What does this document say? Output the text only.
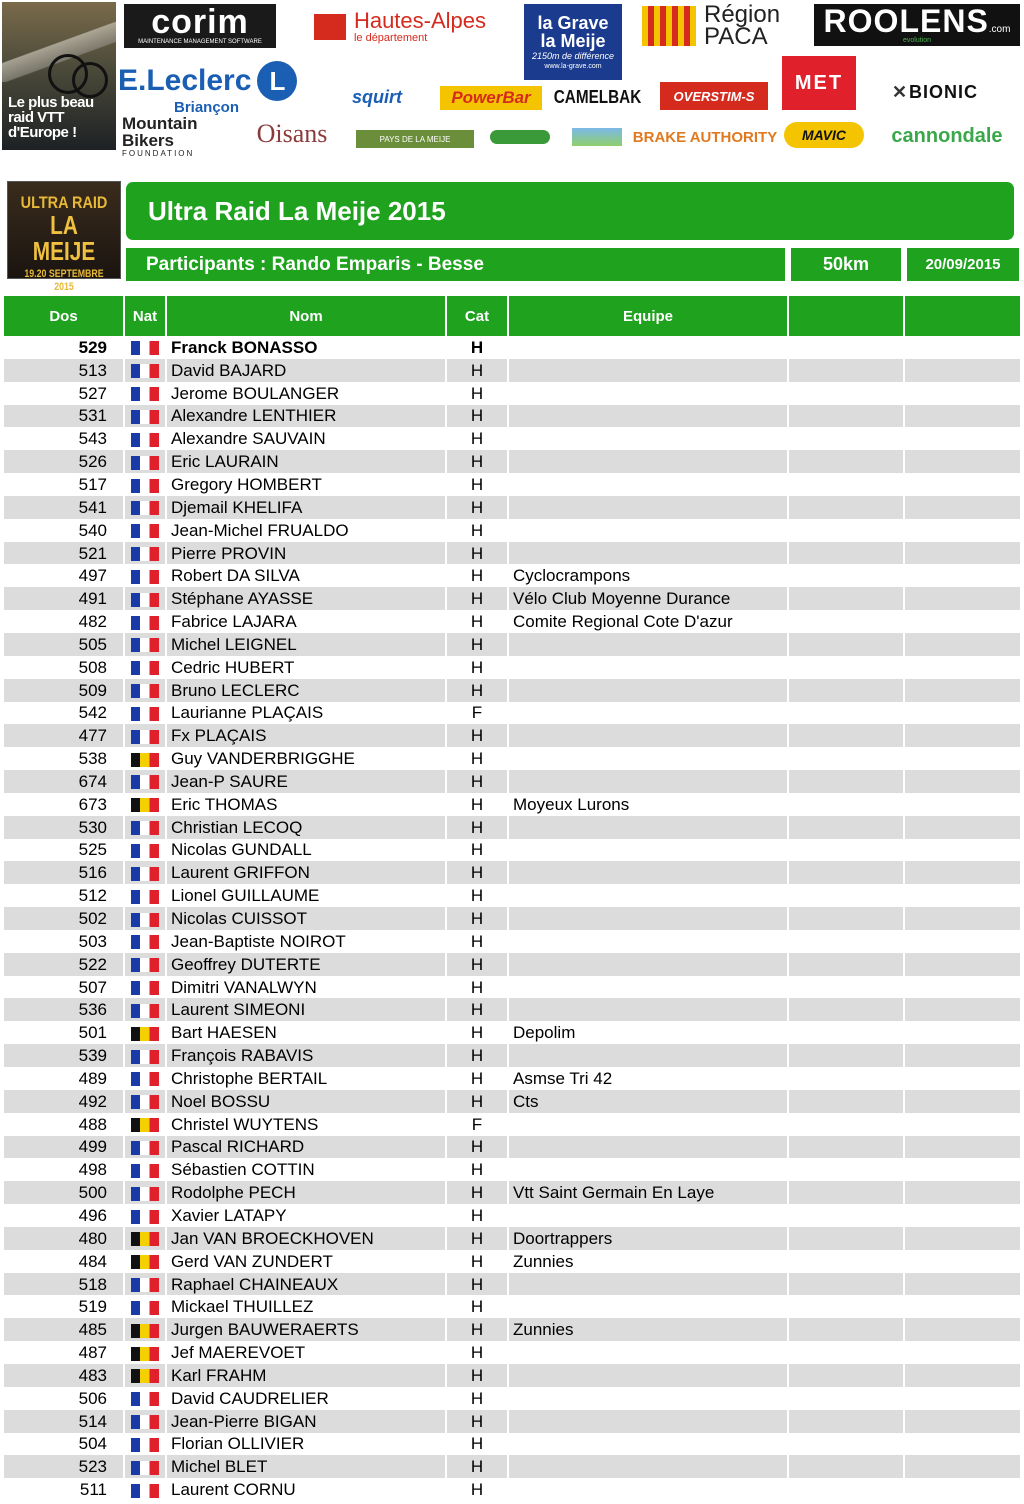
Le plus beau
raid VTT
d'Europe !
corim
MAINTENANCE MANAGEMENT SOFTWARE
Hautes-Alpes
le département
la Grave la Meije
2150m de différence
www.la-grave.com
Région PACA	ROOLENS.com
evolution
E.Leclerc L
Briançon
squirt	PowerBar CAMELBAK	OVERSTIM-S
MET	✕ BIONIC
Mountain Bikers
FOUNDATION
Oisans	PAYS DE LA MEIJE	BRAKE AUTHORITY MAVIC cannondale
ULTRA RAID
LA MEIJE
19.20 SEPTEMBRE 2015
Ultra Raid La Meije 2015
Participants : Rando Emparis - Besse	50km	20/09/2015
Dos	Nat	Nom	Cat	Equipe		
529		Franck BONASSO	H			
513		David BAJARD	H			
527		Jerome BOULANGER	H			
531		Alexandre LENTHIER	H			
543		Alexandre SAUVAIN	H			
526		Eric LAURAIN	H			
517		Gregory HOMBERT	H			
541		Djemail KHELIFA	H			
540		Jean-Michel FRUALDO	H			
521		Pierre PROVIN	H			
497		Robert DA SILVA	H	Cyclocrampons		
491		Stéphane AYASSE	H	Vélo Club Moyenne Durance		
482		Fabrice LAJARA	H	Comite Regional Cote D'azur		
505		Michel LEIGNEL	H			
508		Cedric HUBERT	H			
509		Bruno LECLERC	H			
542		Laurianne PLAÇAIS	F			
477		Fx PLAÇAIS	H			
538		Guy VANDERBRIGGHE	H			
674		Jean-P SAURE	H			
673		Eric THOMAS	H	Moyeux Lurons		
530		Christian LECOQ	H			
525		Nicolas GUNDALL	H			
516		Laurent GRIFFON	H			
512		Lionel GUILLAUME	H			
502		Nicolas CUISSOT	H			
503		Jean-Baptiste NOIROT	H			
522		Geoffrey DUTERTE	H			
507		Dimitri VANALWYN	H			
536		Laurent SIMEONI	H			
501		Bart HAESEN	H	Depolim		
539		François RABAVIS	H			
489		Christophe BERTAIL	H	Asmse Tri 42		
492		Noel BOSSU	H	Cts		
488		Christel WUYTENS	F			
499		Pascal RICHARD	H			
498		Sébastien COTTIN	H			
500		Rodolphe PECH	H	Vtt Saint Germain En Laye		
496		Xavier LATAPY	H			
480		Jan VAN BROECKHOVEN	H	Doortrappers		
484		Gerd VAN ZUNDERT	H	Zunnies		
518		Raphael CHAINEAUX	H			
519		Mickael THUILLEZ	H			
485		Jurgen BAUWERAERTS	H	Zunnies		
487		Jef MAEREVOET	H			
483		Karl FRAHM	H			
506		David CAUDRELIER	H			
514		Jean-Pierre BIGAN	H			
504		Florian OLLIVIER	H			
523		Michel BLET	H			
511		Laurent CORNU	H			
